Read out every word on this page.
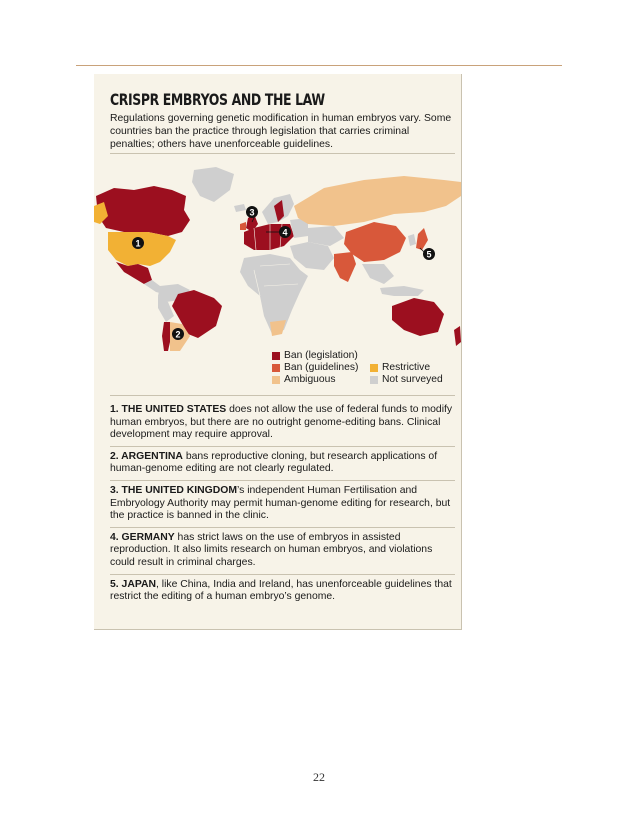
CRISPR EMBRYOS AND THE LAW

Regulations governing genetic modification in human embryos vary. Some countries ban the practice through legislation that carries criminal penalties; others have unenforceable guidelines.

1
2
3
4
5
Ban (legislation)
Ban (guidelines) Restrictive
Ambiguous	Not surveyed
1. THE UNITED STATES does not allow the use of federal funds to modify human embryos, but there are no outright genome-editing bans. Clinical development may require approval.
2. ARGENTINA bans reproductive cloning, but research applications of human-genome editing are not clearly regulated.
3. THE UNITED KINGDOM’s independent Human Fertilisation and Embryology Authority may permit human-genome editing for research, but the practice is banned in the clinic.
4. GERMANY has strict laws on the use of embryos in assisted reproduction. It also limits research on human embryos, and violations could result in criminal charges.
5. JAPAN, like China, India and Ireland, has unenforceable guidelines that restrict the editing of a human embryo’s genome.
22
